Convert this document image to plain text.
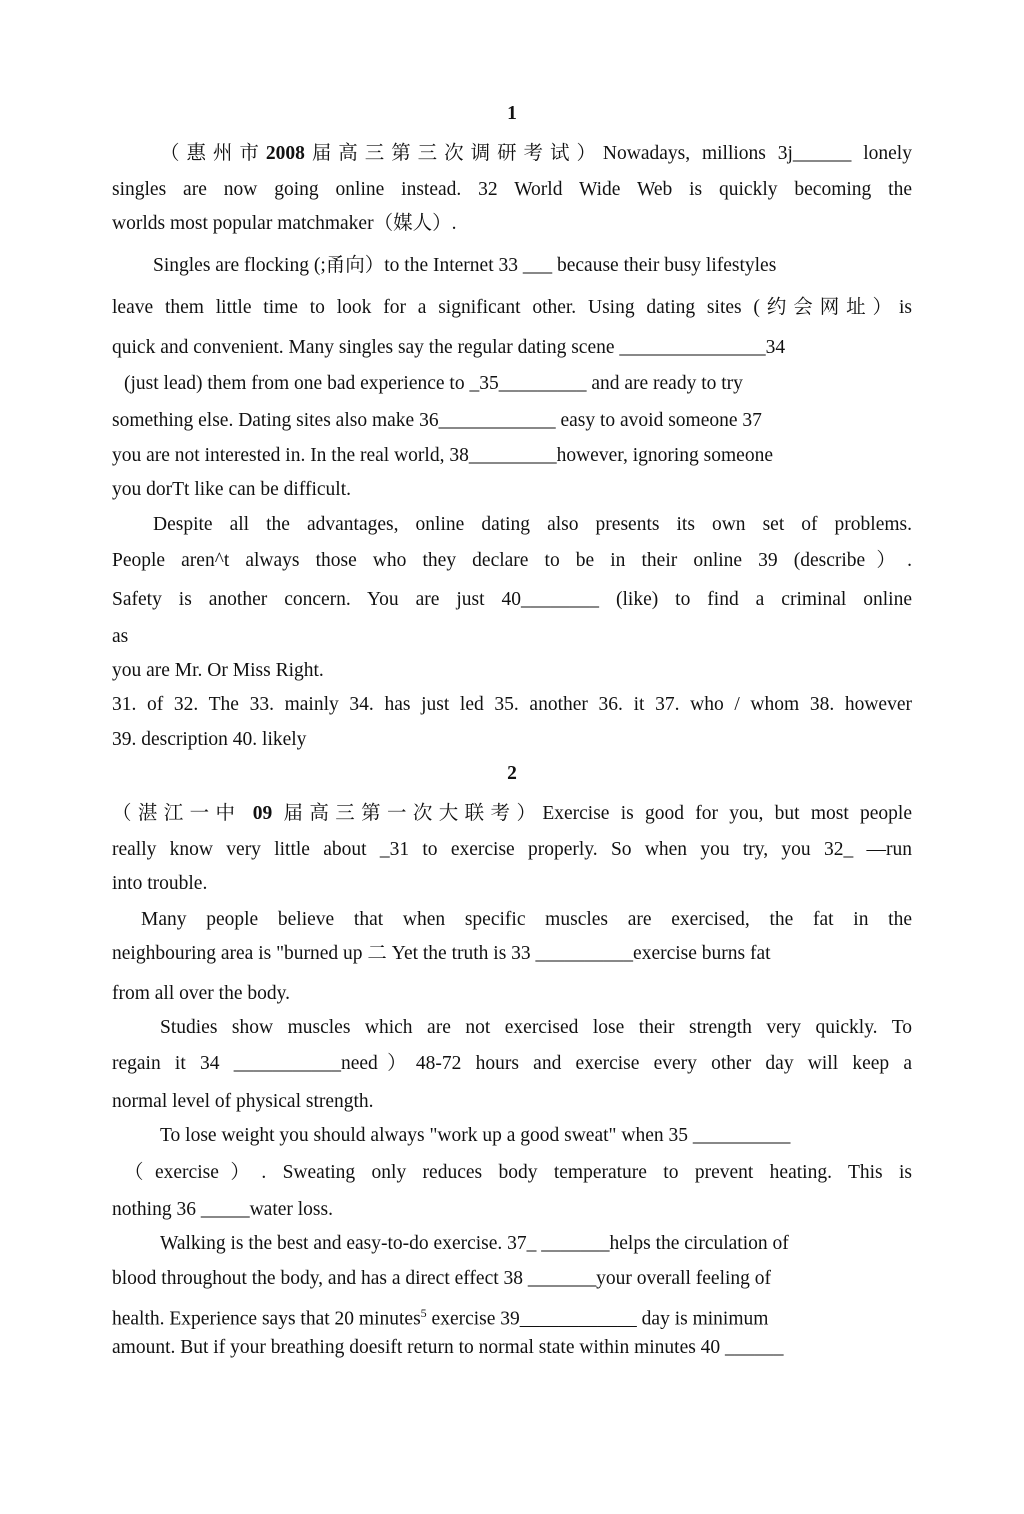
1
（惠州市2008届高三第三次调研考试）Nowadays, millions 3j______ lonely
singles are now going online instead. 32 World Wide Web is quickly becoming the
worlds most popular matchmaker（媒人）.
Singles are flocking (;甬向）to the Internet 33 ___ because their busy lifestyles
leave them little time to look for a significant other. Using dating sites (约会网址）is
quick and convenient. Many singles say the regular dating scene _______________34
(just lead) them from one bad experience to _35_________ and are ready to try
something else. Dating sites also make 36____________ easy to avoid someone 37
you are not interested in. In the real world, 38_________however, ignoring someone
you dorTt like can be difficult.
Despite all the advantages, online dating also presents its own set of problems.
People aren^t always those who they declare to be in their online 39 (describe）.
Safety is another concern. You are just 40________ (like) to find a criminal online
as
you are Mr. Or Miss Right.
31. of 32. The 33. mainly 34. has just led 35. another 36. it 37. who / whom 38. however
39. description 40. likely
2
（湛江一中 09 届高三第一次大联考）Exercise is good for you, but most people
really know very little about _31 to exercise properly. So when you try, you 32_ —run
into trouble.
Many people believe that when specific muscles are exercised, the fat in the
neighbouring area is "burned up 二 Yet the truth is 33 __________exercise burns fat
from all over the body.
Studies show muscles which are not exercised lose their strength very quickly. To
regain it 34 ___________need）48-72 hours and exercise every other day will keep a
normal level of physical strength.
To lose weight you should always "work up a good sweat" when 35 __________
（exercise）. Sweating only reduces body temperature to prevent heating. This is
nothing 36 _____water loss.
Walking is the best and easy-to-do exercise. 37_ _______helps the circulation of
blood throughout the body, and has a direct effect 38 _______your overall feeling of
health. Experience says that 20 minutes$^5$ exercise 39____________ day is minimum
amount. But if your breathing doesift return to normal state within minutes 40 ______
